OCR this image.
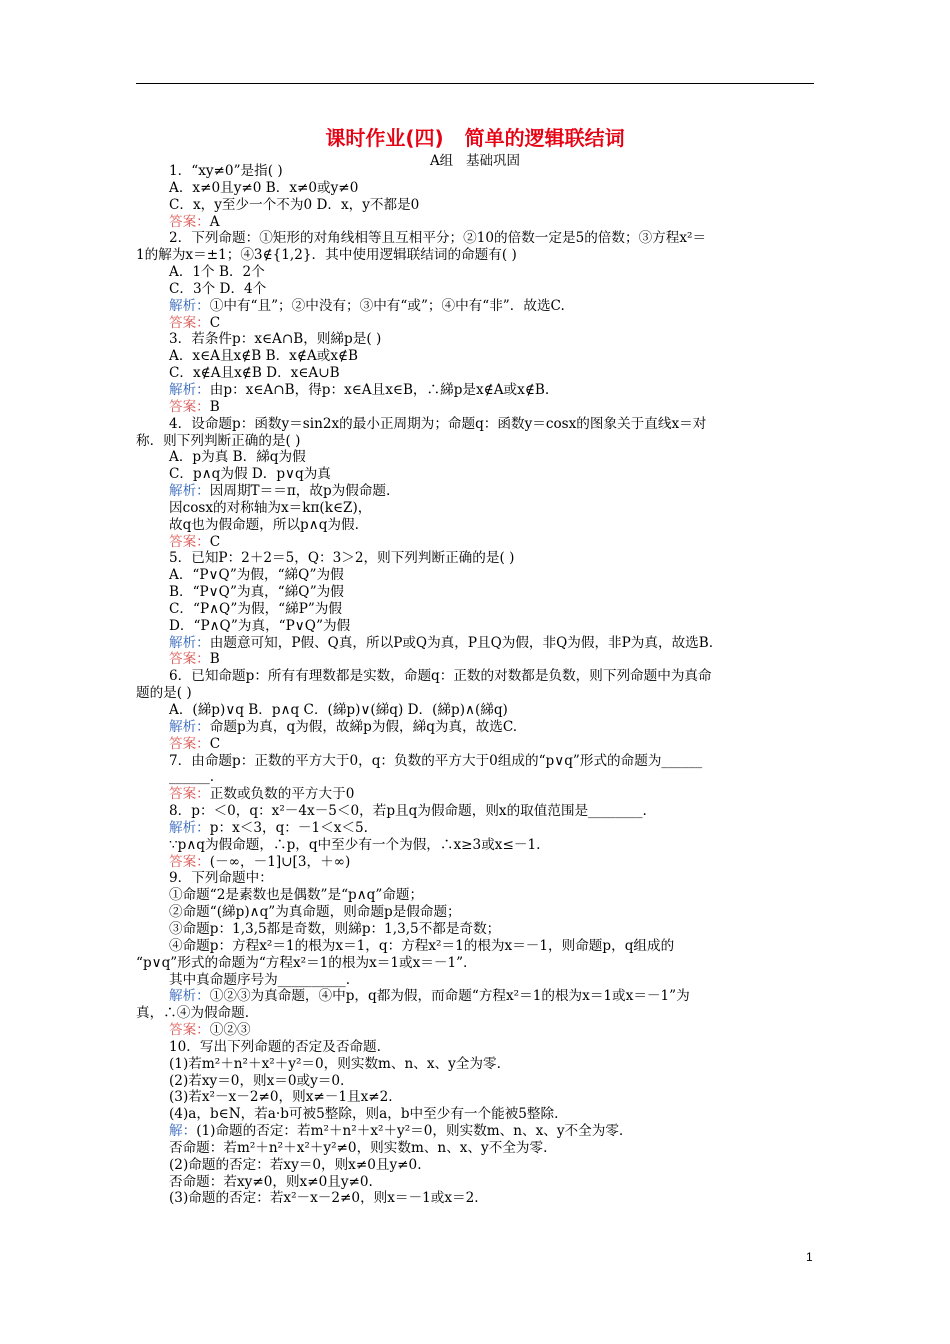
课时作业(四)   简单的逻辑联结词
A组   基础巩固
1．“xy≠0”是指( )
A．x≠0且y≠0 B．x≠0或y≠0
C．x，y至少一个不为0 D．x，y不都是0
答案：A
2．下列命题：①矩形的对角线相等且互相平分；②10的倍数一定是5的倍数；③方程x²＝
1的解为x＝±1；④3∉{1,2}．其中使用逻辑联结词的命题有( )
A．1个 B．2个
C．3个 D．4个
解析：①中有“且”；②中没有；③中有“或”；④中有“非”．故选C.
答案：C
3．若条件p：x∈A∩B，则綈p是( )
A．x∈A且x∉B B．x∉A或x∉B
C．x∉A且x∉B D．x∈A∪B
解析：由p：x∈A∩B，得p：x∈A且x∈B，∴綈p是x∉A或x∉B.
答案：B
4．设命题p：函数y＝sin2x的最小正周期为；命题q：函数y＝cosx的图象关于直线x＝对
称．则下列判断正确的是( )
A．p为真 B．綈q为假
C．p∧q为假 D．p∨q为真
解析：因周期T＝＝π，故p为假命题.
因cosx的对称轴为x＝kπ(k∈Z)，
故q也为假命题，所以p∧q为假.
答案：C
5．已知P：2＋2＝5，Q：3＞2，则下列判断正确的是( )
A．“P∨Q”为假，“綈Q”为假
B．“P∨Q”为真，“綈Q”为假
C．“P∧Q”为假，“綈P”为假
D．“P∧Q”为真，“P∨Q”为假
解析：由题意可知，P假、Q真，所以P或Q为真，P且Q为假，非Q为假，非P为真，故选B.
答案：B
6．已知命题p：所有有理数都是实数，命题q：正数的对数都是负数，则下列命题中为真命
题的是( )
A．(綈p)∨q B．p∧q C．(綈p)∨(綈q) D．(綈p)∧(綈q)
解析：命题p为真，q为假，故綈p为假，綈q为真，故选C.
答案：C
7．由命题p：正数的平方大于0，q：负数的平方大于0组成的“p∨q”形式的命题为______
______.
答案：正数或负数的平方大于0
8．p：＜0，q：x²－4x－5＜0，若p且q为假命题，则x的取值范围是________.
解析：p：x＜3，q：－1＜x＜5.
∵p∧q为假命题，∴p，q中至少有一个为假，∴x≥3或x≤－1.
答案：(－∞，－1]∪[3，＋∞)
9．下列命题中：
①命题“2是素数也是偶数”是“p∧q”命题；
②命题“(綈p)∧q”为真命题，则命题p是假命题；
③命题p：1,3,5都是奇数，则綈p：1,3,5不都是奇数；
④命题p：方程x²＝1的根为x＝1，q：方程x²＝1的根为x＝－1，则命题p，q组成的
“p∨q”形式的命题为“方程x²＝1的根为x＝1或x＝－1”.
其中真命题序号为__________.
解析：①②③为真命题，④中p，q都为假，而命题“方程x²＝1的根为x＝1或x＝－1”为
真，∴④为假命题.
答案：①②③
10．写出下列命题的否定及否命题.
(1)若m²＋n²＋x²＋y²＝0，则实数m、n、x、y全为零.
(2)若xy＝0，则x＝0或y＝0.
(3)若x²－x－2≠0，则x≠－1且x≠2.
(4)a，b∈N，若a·b可被5整除，则a，b中至少有一个能被5整除.
解：(1)命题的否定：若m²＋n²＋x²＋y²＝0，则实数m、n、x、y不全为零.
否命题：若m²＋n²＋x²＋y²≠0，则实数m、n、x、y不全为零.
(2)命题的否定：若xy＝0，则x≠0且y≠0.
否命题：若xy≠0，则x≠0且y≠0.
(3)命题的否定：若x²－x－2≠0，则x＝－1或x＝2.
1
